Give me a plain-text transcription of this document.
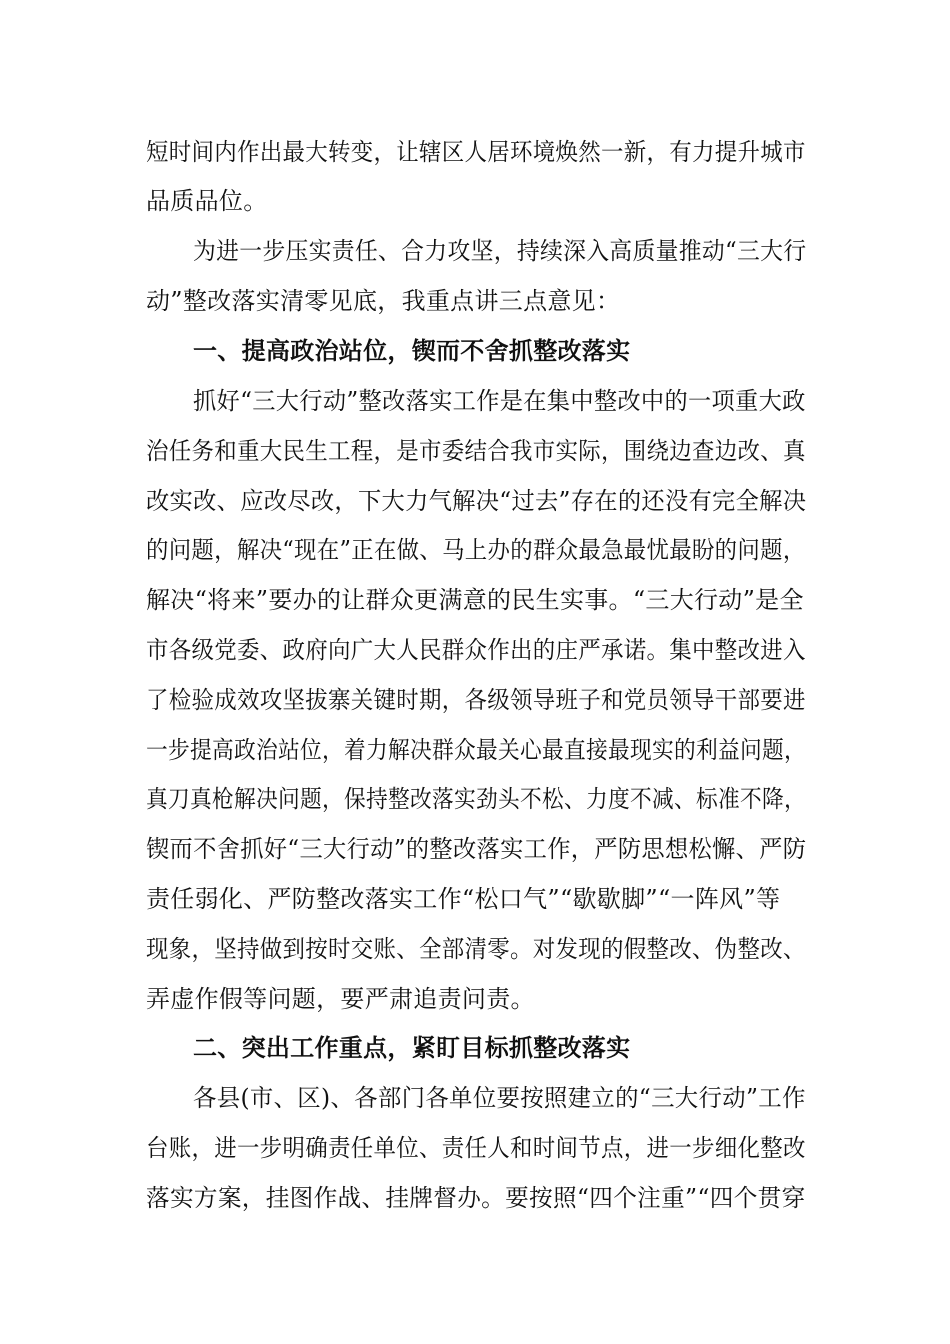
短时间内作出最大转变，让辖区人居环境焕然一新，有力提升城市
品质品位。
为进一步压实责任、合力攻坚，持续深入高质量推动“三大行
动”整改落实清零见底，我重点讲三点意见：
一、提高政治站位，锲而不舍抓整改落实
抓好“三大行动”整改落实工作是在集中整改中的一项重大政
治任务和重大民生工程，是市委结合我市实际，围绕边查边改、真
改实改、应改尽改，下大力气解决“过去”存在的还没有完全解决
的问题，解决“现在”正在做、马上办的群众最急最忧最盼的问题，
解决“将来”要办的让群众更满意的民生实事。“三大行动”是全
市各级党委、政府向广大人民群众作出的庄严承诺。集中整改进入
了检验成效攻坚拔寨关键时期，各级领导班子和党员领导干部要进
一步提高政治站位，着力解决群众最关心最直接最现实的利益问题，
真刀真枪解决问题，保持整改落实劲头不松、力度不减、标准不降，
锲而不舍抓好“三大行动”的整改落实工作，严防思想松懈、严防
责任弱化、严防整改落实工作“松口气”“歇歇脚”“一阵风”等
现象，坚持做到按时交账、全部清零。对发现的假整改、伪整改、
弄虚作假等问题，要严肃追责问责。
二、突出工作重点，紧盯目标抓整改落实
各县(市、区)、各部门各单位要按照建立的“三大行动”工作
台账，进一步明确责任单位、责任人和时间节点，进一步细化整改
落实方案，挂图作战、挂牌督办。要按照“四个注重”“四个贯穿
